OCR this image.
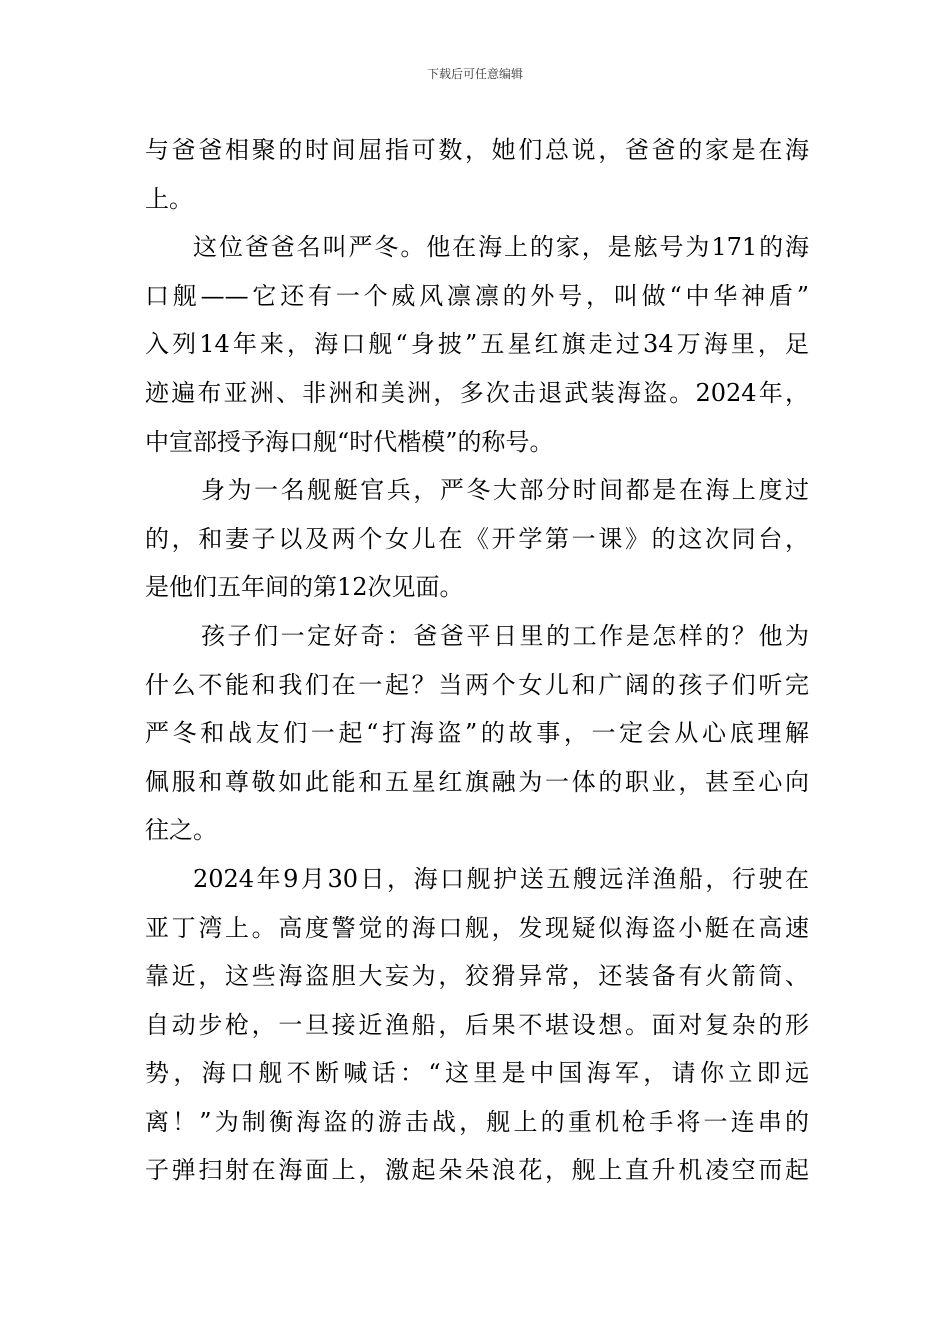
下载后可任意编辑
与爸爸相聚的时间屈指可数，她们总说，爸爸的家是在海
上。
这位爸爸名叫严冬。他在海上的家，是舷号为171的海
口舰——它还有一个威风凛凛的外号，叫做“中华神盾”
入列14年来，海口舰“身披”五星红旗走过34万海里，足
迹遍布亚洲、非洲和美洲，多次击退武装海盗。2024年，
中宣部授予海口舰“时代楷模”的称号。
身为一名舰艇官兵，严冬大部分时间都是在海上度过
的，和妻子以及两个女儿在《开学第一课》的这次同台，
是他们五年间的第12次见面。
孩子们一定好奇：爸爸平日里的工作是怎样的？他为
什么不能和我们在一起？当两个女儿和广阔的孩子们听完
严冬和战友们一起“打海盗”的故事，一定会从心底理解
佩服和尊敬如此能和五星红旗融为一体的职业，甚至心向
往之。
2024年9月30日，海口舰护送五艘远洋渔船，行驶在
亚丁湾上。高度警觉的海口舰，发现疑似海盗小艇在高速
靠近，这些海盗胆大妄为，狡猾异常，还装备有火箭筒、
自动步枪，一旦接近渔船，后果不堪设想。面对复杂的形
势，海口舰不断喊话：“这里是中国海军，请你立即远
离！”为制衡海盗的游击战，舰上的重机枪手将一连串的
子弹扫射在海面上，激起朵朵浪花，舰上直升机凌空而起
